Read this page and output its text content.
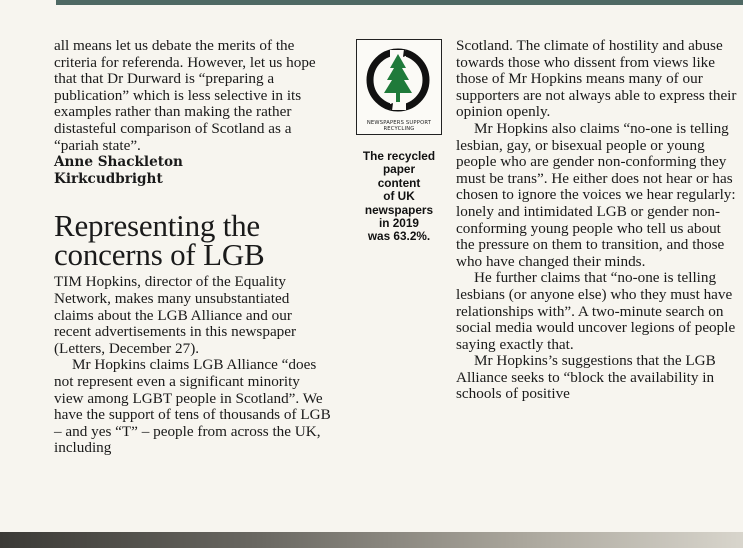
all means let us debate the merits of the criteria for referenda. However, let us hope that that Dr Durward is “preparing a publication” which is less selective in its examples rather than making the rather distasteful comparison of Scotland as a “pariah state”.

Anne Shackleton

Kirkcudbright

Representing the
concerns of LGB

TIM Hopkins, director of the Equality Network, makes many unsubstantiated claims about the LGB Alliance and our recent advertisements in this newspaper (Letters, December 27).

Mr Hopkins claims LGB Alliance “does not represent even a significant minority view among LGBT people in Scotland”. We have the support of tens of thousands of LGB – and yes “T” – people from across the UK, including

NEWSPAPERS SUPPORT
RECYCLING
The recycled
paper
content
of UK
newspapers
in 2019
was 63.2%.

Scotland. The climate of hostility and abuse towards those who dissent from views like those of Mr Hopkins means many of our supporters are not always able to express their opinion openly.

Mr Hopkins also claims “no-one is telling lesbian, gay, or bisexual people or young people who are gender non-conforming they must be trans”. He either does not hear or has chosen to ignore the voices we hear regularly: lonely and intimidated LGB or gender non-conforming young people who tell us about the pressure on them to transition, and those who have changed their minds.

He further claims that “no-one is telling lesbians (or anyone else) who they must have relationships with”. A two-minute search on social media would uncover legions of people saying exactly that.

Mr Hopkins’s suggestions that the LGB Alliance seeks to “block the availability in schools of positive
